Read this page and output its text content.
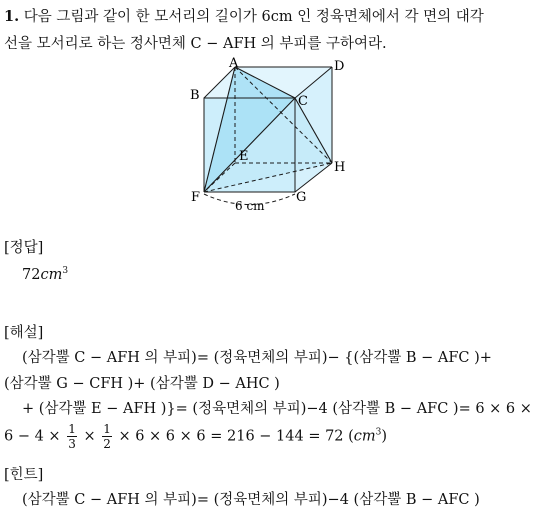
1. 다음 그림과 같이 한 모서리의 길이가 6cm 인 정육면체에서 각 면의 대각
선을 모서리로 하는 정사면체 C − AFH 의 부피를 구하여라.
A	D
B	C
E
H
F	G
6 cm
[정답]
$72cm^3$
[해설]
(삼각뿔 C − AFH 의 부피)= (정육면체의 부피)− {(삼각뿔 B − AFC )+
(삼각뿔 G − CFH )+ (삼각뿔 D − AHC )
+ (삼각뿔 E − AFH )}= (정육면체의 부피)−4 (삼각뿔 B − AFC )= 6 × 6 ×
$6 - 4 \times \frac{1}{3} \times \frac{1}{2} \times 6 \times 6 \times 6 = 216 - 144 = 72$ $(cm^3)$
[힌트]
(삼각뿔 C − AFH 의 부피)= (정육면체의 부피)−4 (삼각뿔 B − AFC )
